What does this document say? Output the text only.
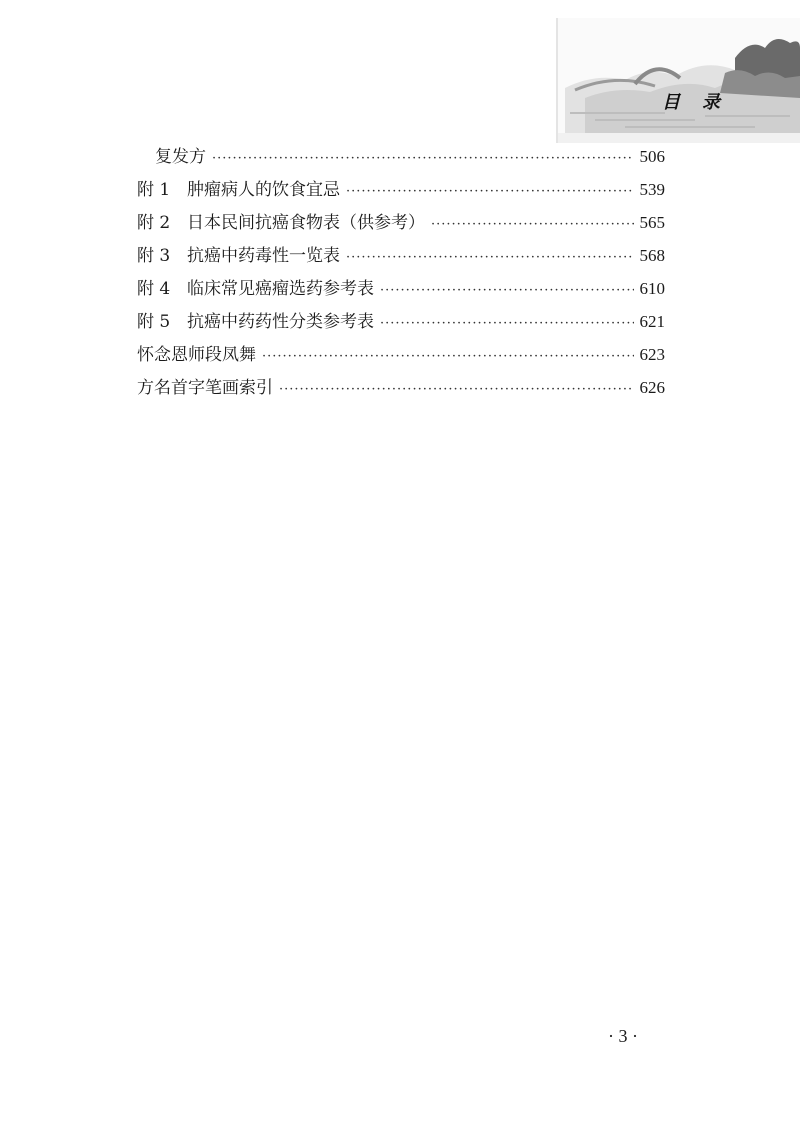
目录
复发方 ·····	506
附 1 肿瘤病人的饮食宜忌 ·····	539
附 2 日本民间抗癌食物表（供参考） ·····	565
附 3 抗癌中药毒性一览表 ·····	568
附 4 临床常见癌瘤选药参考表 ·····	610
附 5 抗癌中药药性分类参考表 ·····	621
怀念恩师段凤舞 ·····	623
方名首字笔画索引 ·····	626
· 3 ·
